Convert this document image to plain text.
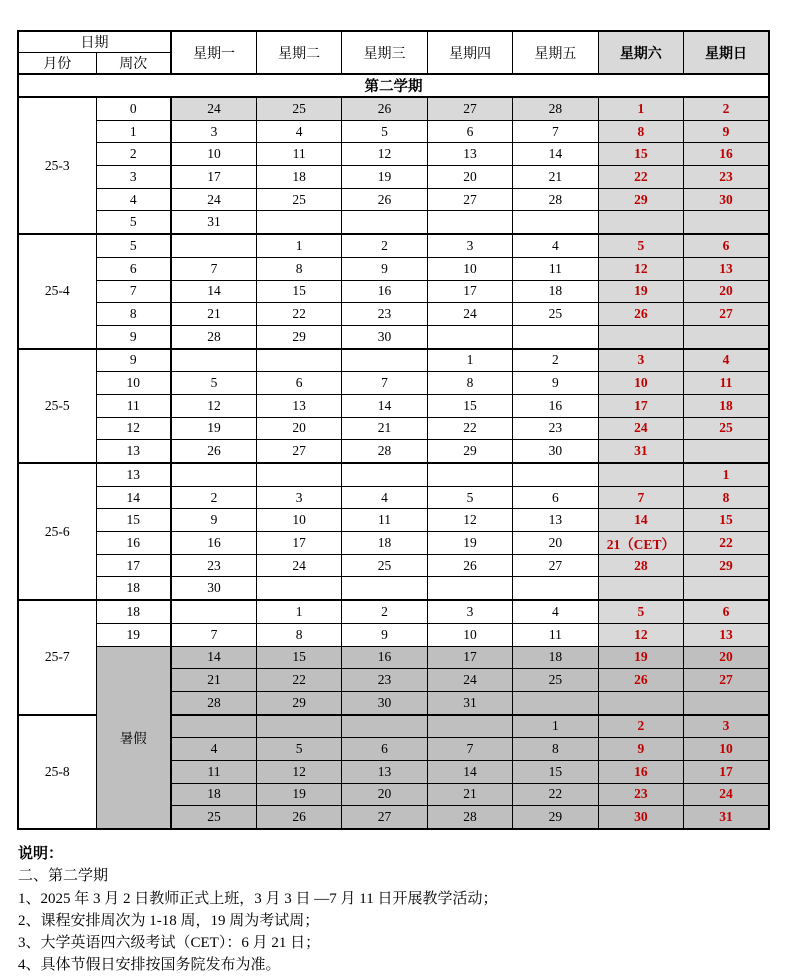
日期		星期一	星期二	星期三	星期四	星期五	星期六	星期日
月份	周次							
第二学期								
25-3	0	24	25	26	27	28	1	2
	1	3	4	5	6	7	8	9
	2	10	11	12	13	14	15	16
	3	17	18	19	20	21	22	23
	4	24	25	26	27	28	29	30
	5	31						
25-4	5		1	2	3	4	5	6
	6	7	8	9	10	11	12	13
	7	14	15	16	17	18	19	20
	8	21	22	23	24	25	26	27
	9	28	29	30				
25-5	9				1	2	3	4
	10	5	6	7	8	9	10	11
	11	12	13	14	15	16	17	18
	12	19	20	21	22	23	24	25
	13	26	27	28	29	30	31	
25-6	13							1
	14	2	3	4	5	6	7	8
	15	9	10	11	12	13	14	15
	16	16	17	18	19	20	21（CET）	22
	17	23	24	25	26	27	28	29
	18	30						
25-7	18		1	2	3	4	5	6
	19	7	8	9	10	11	12	13
	暑假	14	15	16	17	18	19	20
		21	22	23	24	25	26	27
		28	29	30	31			
25-8						1	2	3
		4	5	6	7	8	9	10
		11	12	13	14	15	16	17
		18	19	20	21	22	23	24
		25	26	27	28	29	30	31
说明：
二、第二学期
1、2025 年 3 月 2 日教师正式上班，3 月 3 日 —7 月 11 日开展教学活动；
2、课程安排周次为 1-18 周，19 周为考试周；
3、大学英语四六级考试（CET）：6 月 21 日；
4、具体节假日安排按国务院发布为准。
